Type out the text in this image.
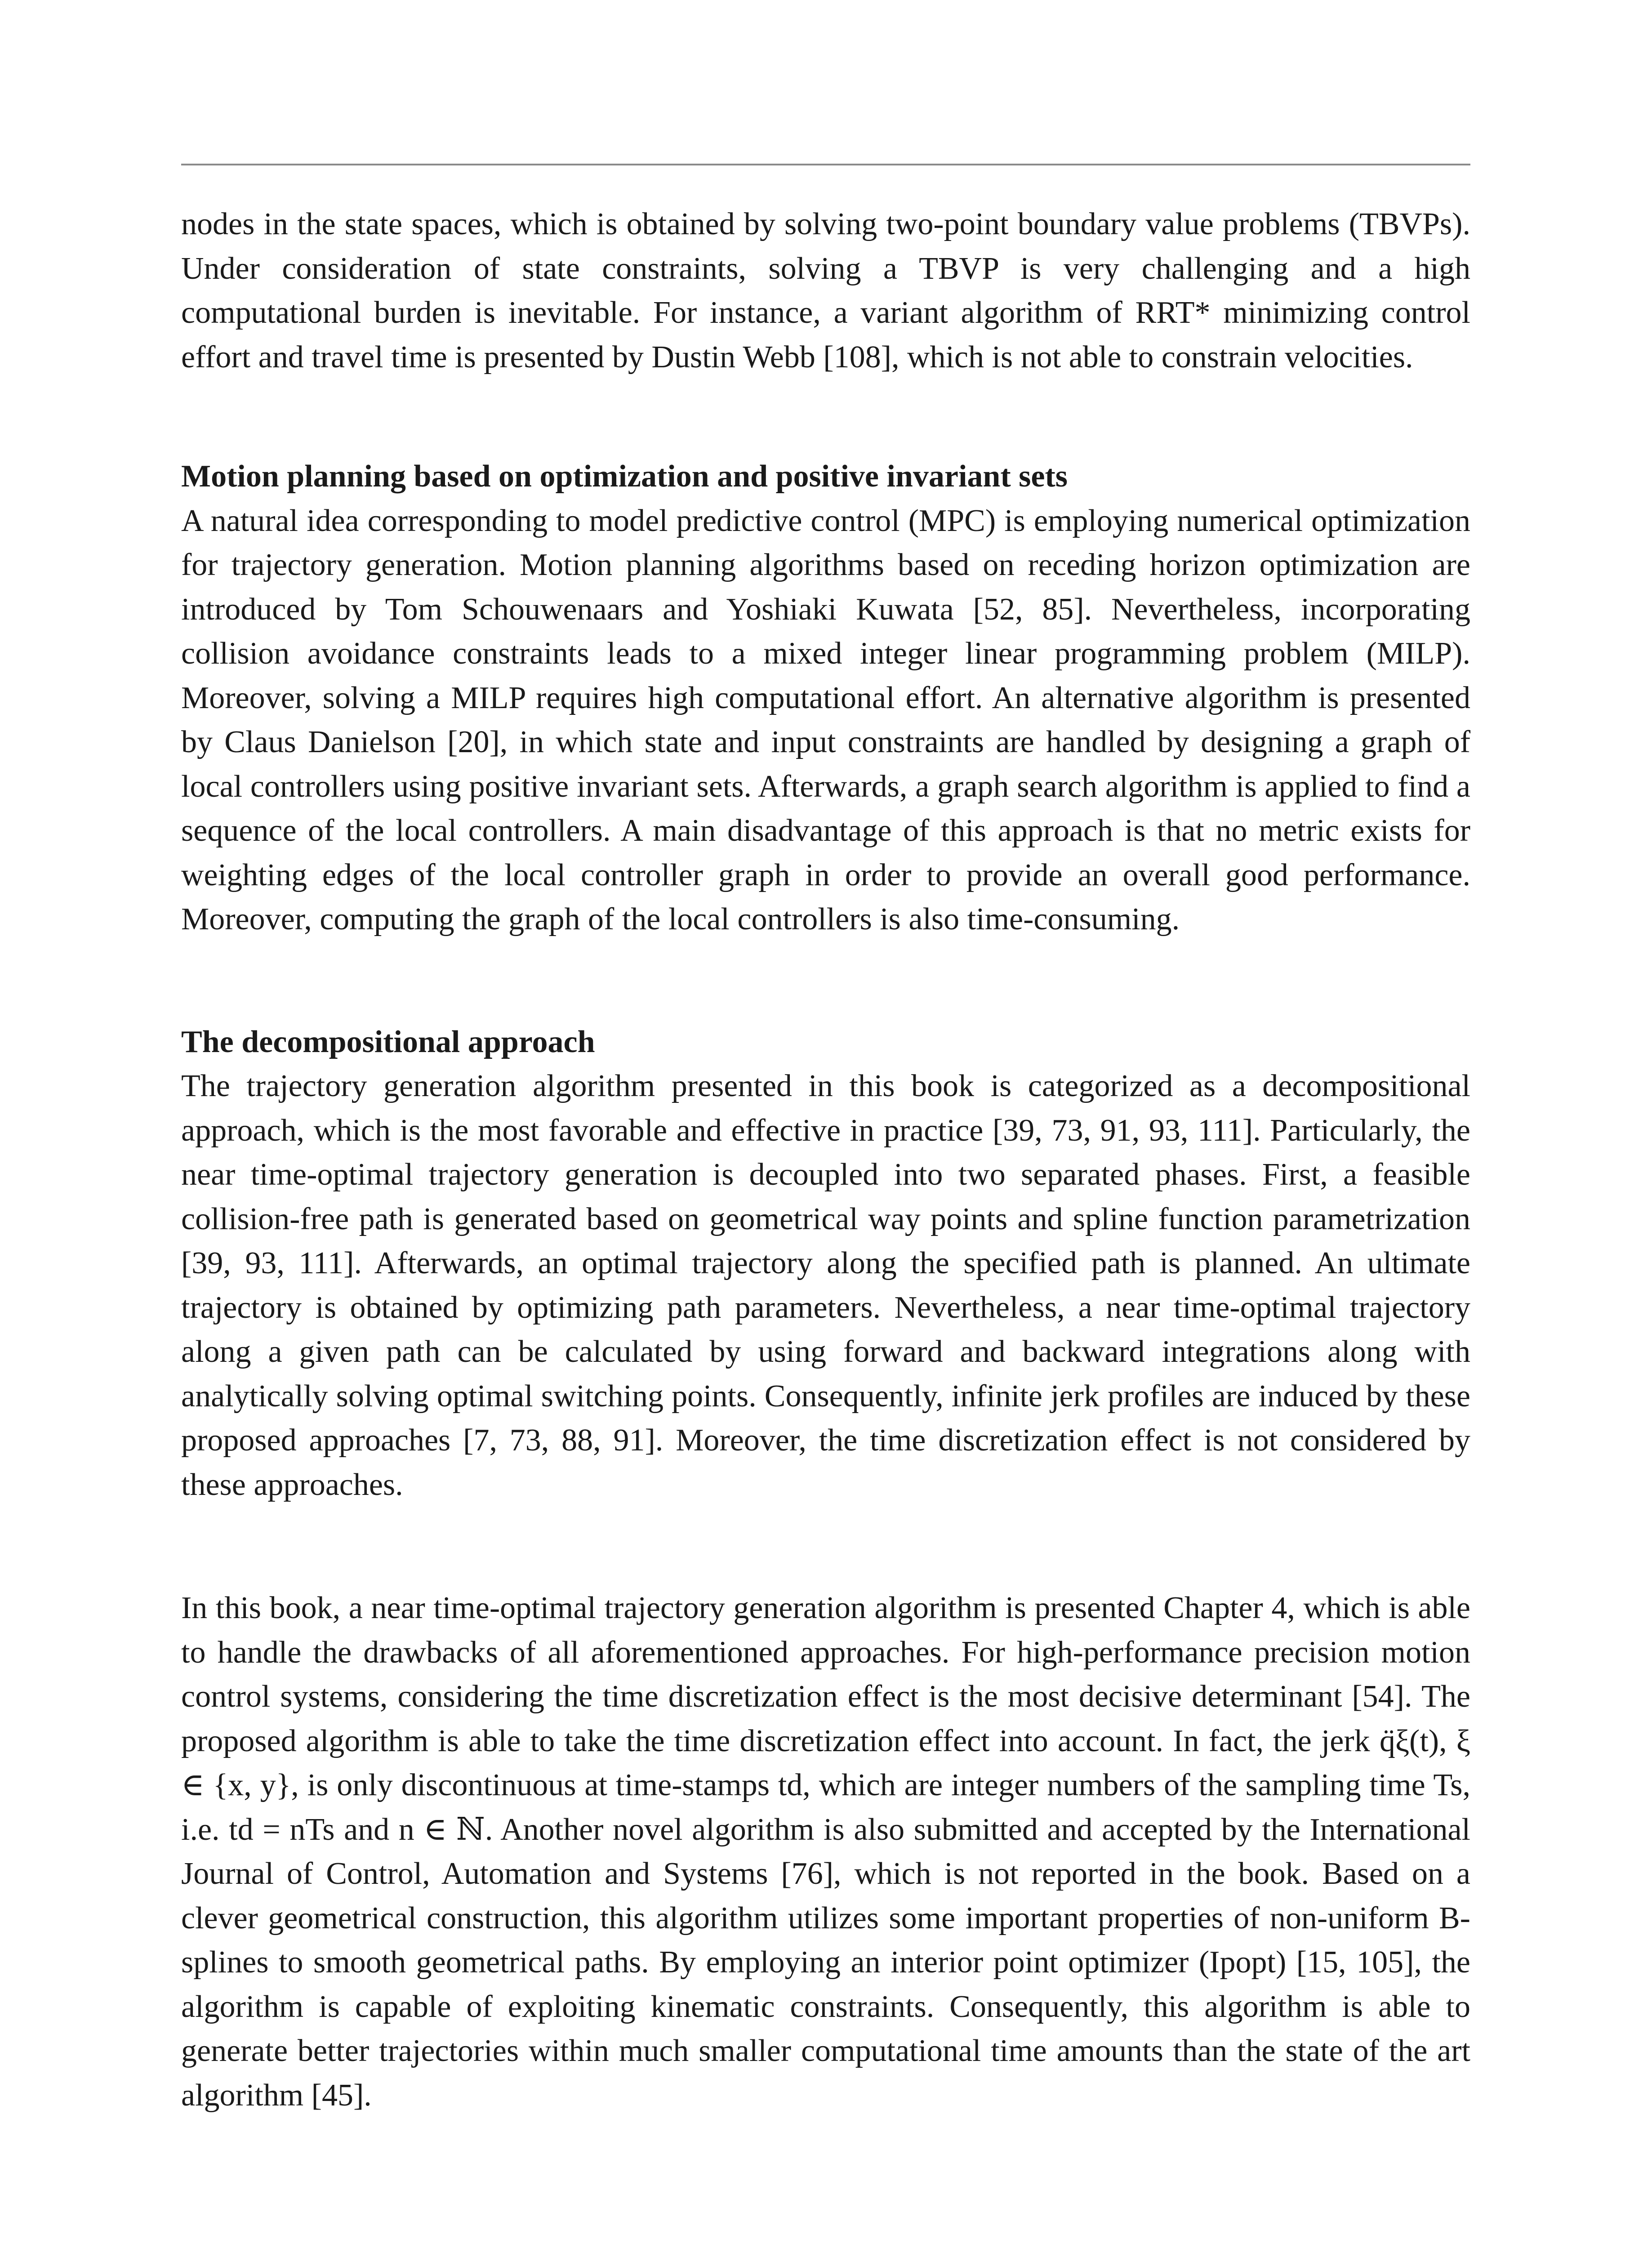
nodes in the state spaces, which is obtained by solving two-point boundary value problems (TBVPs). Under consideration of state constraints, solving a TBVP is very challenging and a high computational burden is inevitable. For instance, a variant algorithm of RRT* minimizing control effort and travel time is presented by Dustin Webb [108], which is not able to constrain velocities.

Motion planning based on optimization and positive invariant sets

A natural idea corresponding to model predictive control (MPC) is employing numerical optimization for trajectory generation. Motion planning algorithms based on receding horizon optimization are introduced by Tom Schouwenaars and Yoshiaki Kuwata [52, 85]. Nevertheless, incorporating collision avoidance constraints leads to a mixed integer linear programming problem (MILP). Moreover, solving a MILP requires high computational effort. An alternative algorithm is presented by Claus Danielson [20], in which state and input constraints are handled by designing a graph of local controllers using positive invariant sets. Afterwards, a graph search algorithm is applied to find a sequence of the local controllers. A main disadvantage of this approach is that no metric exists for weighting edges of the local controller graph in order to provide an overall good performance. Moreover, computing the graph of the local controllers is also time-consuming.

The decompositional approach

The trajectory generation algorithm presented in this book is categorized as a decompositional approach, which is the most favorable and effective in practice [39, 73, 91, 93, 111]. Particularly, the near time-optimal trajectory generation is decoupled into two separated phases. First, a feasible collision-free path is generated based on geometrical way points and spline function parametrization [39, 93, 111]. Afterwards, an optimal trajectory along the specified path is planned. An ultimate trajectory is obtained by optimizing path parameters. Nevertheless, a near time-optimal trajectory along a given path can be calculated by using forward and backward integrations along with analytically solving optimal switching points. Consequently, infinite jerk profiles are induced by these proposed approaches [7, 73, 88, 91]. Moreover, the time discretization effect is not considered by these approaches.

In this book, a near time-optimal trajectory generation algorithm is presented Chapter 4, which is able to handle the drawbacks of all aforementioned approaches. For high-performance precision motion control systems, considering the time discretization effect is the most decisive determinant [54]. The proposed algorithm is able to take the time discretization effect into account. In fact, the jerk q̈ξ(t), ξ ∈ {x, y}, is only discontinuous at time-stamps td, which are integer numbers of the sampling time Ts, i.e. td = nTs and n ∈ ℕ. Another novel algorithm is also submitted and accepted by the International Journal of Control, Automation and Systems [76], which is not reported in the book. Based on a clever geometrical construction, this algorithm utilizes some important properties of non-uniform B-splines to smooth geometrical paths. By employing an interior point optimizer (Ipopt) [15, 105], the algorithm is capable of exploiting kinematic constraints. Consequently, this algorithm is able to generate better trajectories within much smaller computational time amounts than the state of the art algorithm [45].
